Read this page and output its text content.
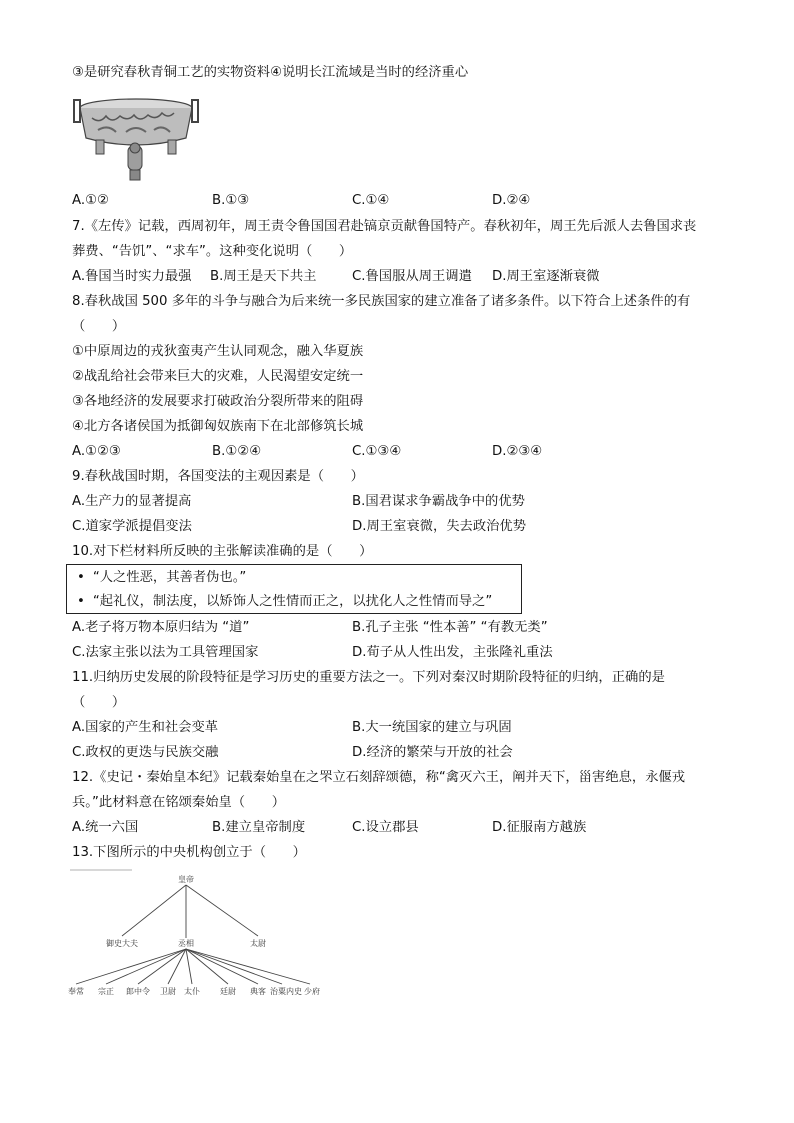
③是研究春秋青铜工艺的实物资料④说明长江流域是当时的经济重心
A.①②	B.①③	C.①④	D.②④
7.《左传》记载，西周初年，周王责令鲁国国君赴镐京贡献鲁国特产。春秋初年，周王先后派人去鲁国求丧
葬费、“告饥”、“求车”。这种变化说明（　　）
A.鲁国当时实力最强 B.周王是天下共主	C.鲁国服从周王调遣 D.周王室逐渐衰微
8.春秋战国 500 多年的斗争与融合为后来统一多民族国家的建立准备了诸多条件。以下符合上述条件的有
（　　）
①中原周边的戎狄蛮夷产生认同观念，融入华夏族
②战乱给社会带来巨大的灾难，人民渴望安定统一
③各地经济的发展要求打破政治分裂所带来的阻碍
④北方各诸侯国为抵御匈奴族南下在北部修筑长城
A.①②③	B.①②④	C.①③④	D.②③④
9.春秋战国时期，各国变法的主观因素是（　　）
A.生产力的显著提高	B.国君谋求争霸战争中的优势
C.道家学派提倡变法	D.周王室衰微，失去政治优势
10.对下栏材料所反映的主张解读准确的是（　　）
• “人之性恶，其善者伪也。”
• “起礼仪，制法度，以矫饰人之性情而正之，以扰化人之性情而导之”
A.老子将万物本原归结为 “道”	B.孔子主张 “性本善” “有教无类”
C.法家主张以法为工具管理国家	D.荀子从人性出发，主张隆礼重法
11.归纳历史发展的阶段特征是学习历史的重要方法之一。下列对秦汉时期阶段特征的归纳，正确的是
（　　）
A.国家的产生和社会变革	B.大一统国家的建立与巩固
C.政权的更迭与民族交融	D.经济的繁荣与开放的社会
12.《史记・秦始皇本纪》记载秦始皇在之罘立石刻辞颂德，称“禽灭六王，阐并天下，甾害绝息，永偃戎
兵。”此材料意在铭颂秦始皇（　　）
A.统一六国	B.建立皇帝制度	C.设立郡县	D.征服南方越族
13.下图所示的中央机构创立于（　　）
皇帝
御史大夫	丞相	太尉
奉常 宗正 郎中令 卫尉 太仆	廷尉 典客 治粟内史 少府
